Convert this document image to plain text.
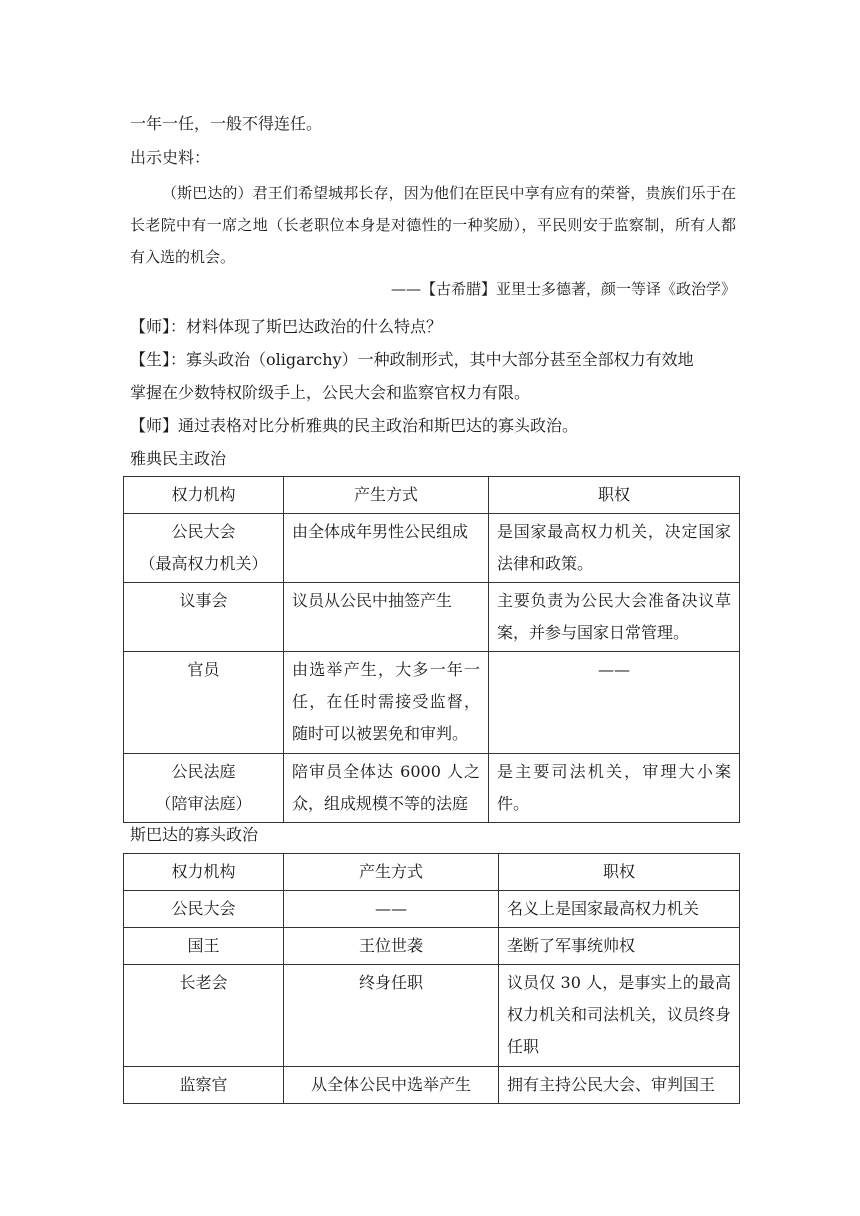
一年一任，一般不得连任。

出示史料：

（斯巴达的）君王们希望城邦长存，因为他们在臣民中享有应有的荣誉，贵族们乐于在长老院中有一席之地（长老职位本身是对德性的一种奖励），平民则安于监察制，所有人都有入选的机会。

——【古希腊】亚里士多德著，颜一等译《政治学》

【师】：材料体现了斯巴达政治的什么特点？

【生】：寡头政治（oligarchy）一种政制形式，其中大部分甚至全部权力有效地

掌握在少数特权阶级手上，公民大会和监察官权力有限。

【师】通过表格对比分析雅典的民主政治和斯巴达的寡头政治。

雅典民主政治

权力机构	产生方式	职权

公民大会
（最高权力机关）	由全体成年男性公民组成	是国家最高权力机关，决定国家法律和政策。

议事会	议员从公民中抽签产生	主要负责为公民大会准备决议草案，并参与国家日常管理。

官员	由选举产生，大多一年一任，在任时需接受监督，随时可以被罢免和审判。	——

公民法庭
（陪审法庭）	陪审员全体达 6000 人之众，组成规模不等的法庭	是主要司法机关，审理大小案件。

斯巴达的寡头政治

权力机构	产生方式	职权
公民大会	——	名义上是国家最高权力机关
国王	王位世袭	垄断了军事统帅权
长老会	终身任职	议员仅 30 人，是事实上的最高权力机关和司法机关，议员终身任职
监察官	从全体公民中选举产生	拥有主持公民大会、审判国王
